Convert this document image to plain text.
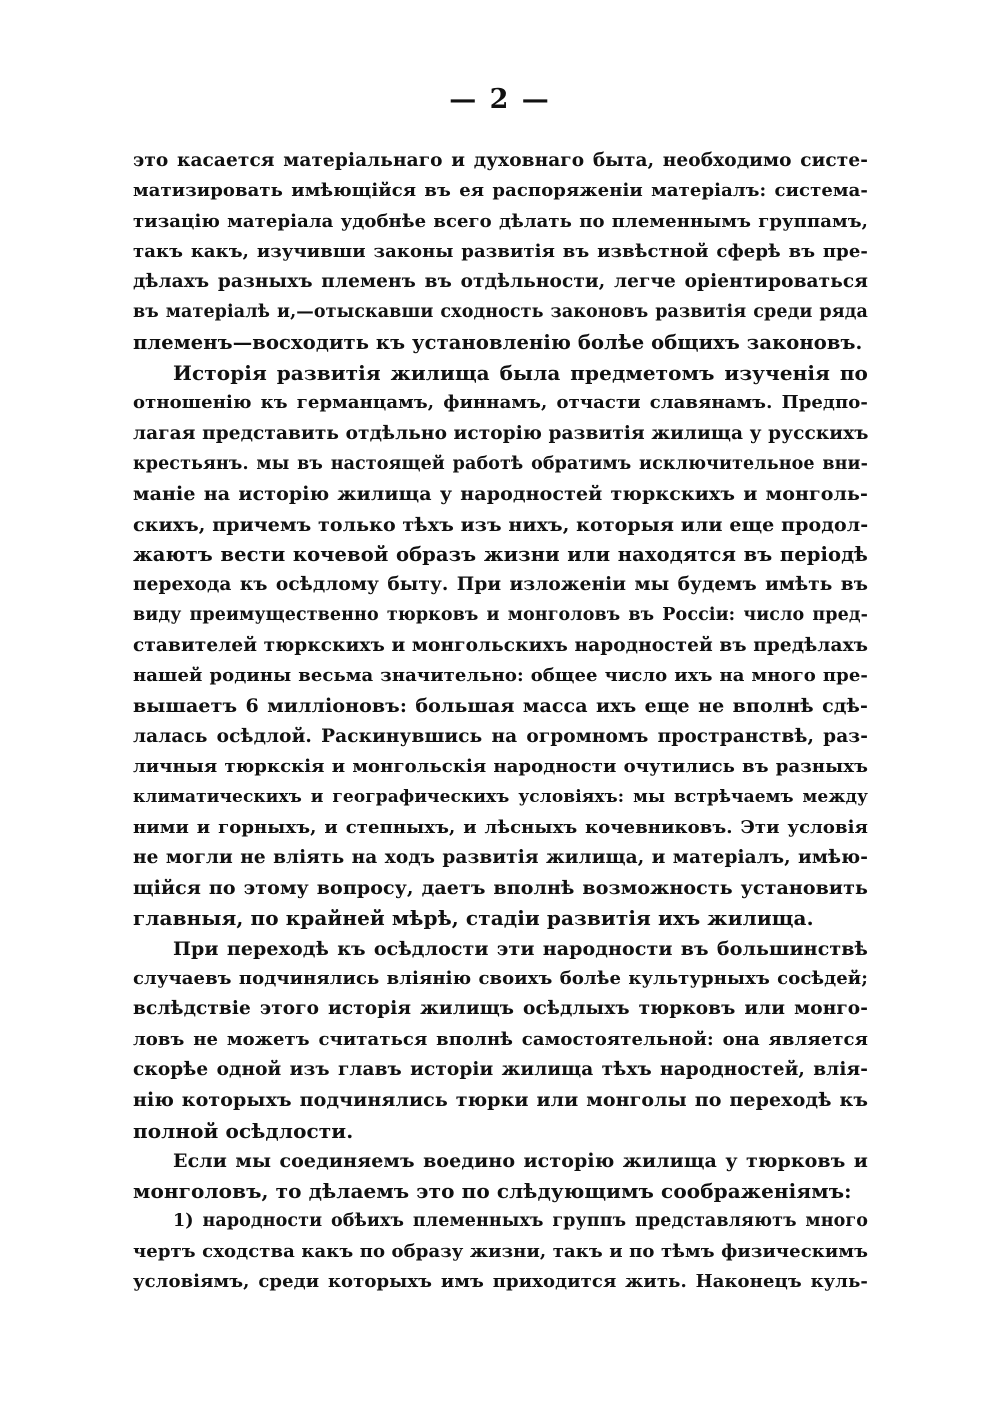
— 2 —
это касается матеріальнаго и духовнаго быта, необходимо систе-
матизировать имѣющійся въ ея распоряженіи матеріалъ: системa-
тизацію матеріала удобнѣе всего дѣлать по племеннымъ группамъ,
такъ какъ, изучивши законы развитія въ извѣстной сферѣ въ пре-
дѣлахъ разныхъ племенъ въ отдѣльности, легче оріентироваться
въ матеріалѣ и,—отыскавши сходность законовъ развитія среди ряда
племенъ—восходить къ установленію болѣе общихъ законовъ.
Исторія развитія жилища была предметомъ изученія по
отношенію къ германцамъ, финнамъ, отчасти славянамъ. Предпо-
лагая представить отдѣльно исторію развитія жилища у русскихъ
крестьянъ. мы въ настоящей работѣ обратимъ исключительное вни-
маніе на исторію жилища у народностей тюркскихъ и монголь-
скихъ, причемъ только тѣхъ изъ нихъ, которыя или еще продол-
жаютъ вести кочевой образъ жизни или находятся въ періодѣ
перехода къ осѣдлому быту. При изложеніи мы будемъ имѣть въ
виду преимущественно тюрковъ и монголовъ въ Россіи: число пред-
ставителей тюркскихъ и монгольскихъ народностей въ предѣлахъ
нашей родины весьма значительно: общее число ихъ на много пре-
вышаетъ 6 милліоновъ: большая масса ихъ еще не вполнѣ сдѣ-
лалась осѣдлой. Раскинувшись на огромномъ пространствѣ, раз-
личныя тюркскія и монгольскія народности очутились въ разныхъ
климатическихъ и географическихъ условіяхъ: мы встрѣчаемъ между
ними и горныхъ, и степныхъ, и лѣсныхъ кочевниковъ. Эти условія
не могли не вліять на ходъ развитія жилища, и матеріалъ, имѣю-
щійся по этому вопросу, даетъ вполнѣ возможность установить
главныя, по крайней мѣрѣ, стадіи развитія ихъ жилища.
При переходѣ къ осѣдлости эти народности въ большинствѣ
случаевъ подчинялись вліянію своихъ болѣе культурныхъ сосѣдей;
вслѣдствіе этого исторія жилищъ осѣдлыхъ тюрковъ или монго-
ловъ не можетъ считаться вполнѣ самостоятельной: она является
скорѣе одной изъ главъ исторіи жилища тѣхъ народностей, влія-
нію которыхъ подчинялись тюрки или монголы по переходѣ къ
полной осѣдлости.
Если мы соединяемъ воедино исторію жилища у тюрковъ и
монголовъ, то дѣлаемъ это по слѣдующимъ соображеніямъ:
1) народности обѣихъ племенныхъ группъ представляютъ много
чертъ сходства какъ по образу жизни, такъ и по тѣмъ физическимъ
условіямъ, среди которыхъ имъ приходится жить. Наконецъ куль-
